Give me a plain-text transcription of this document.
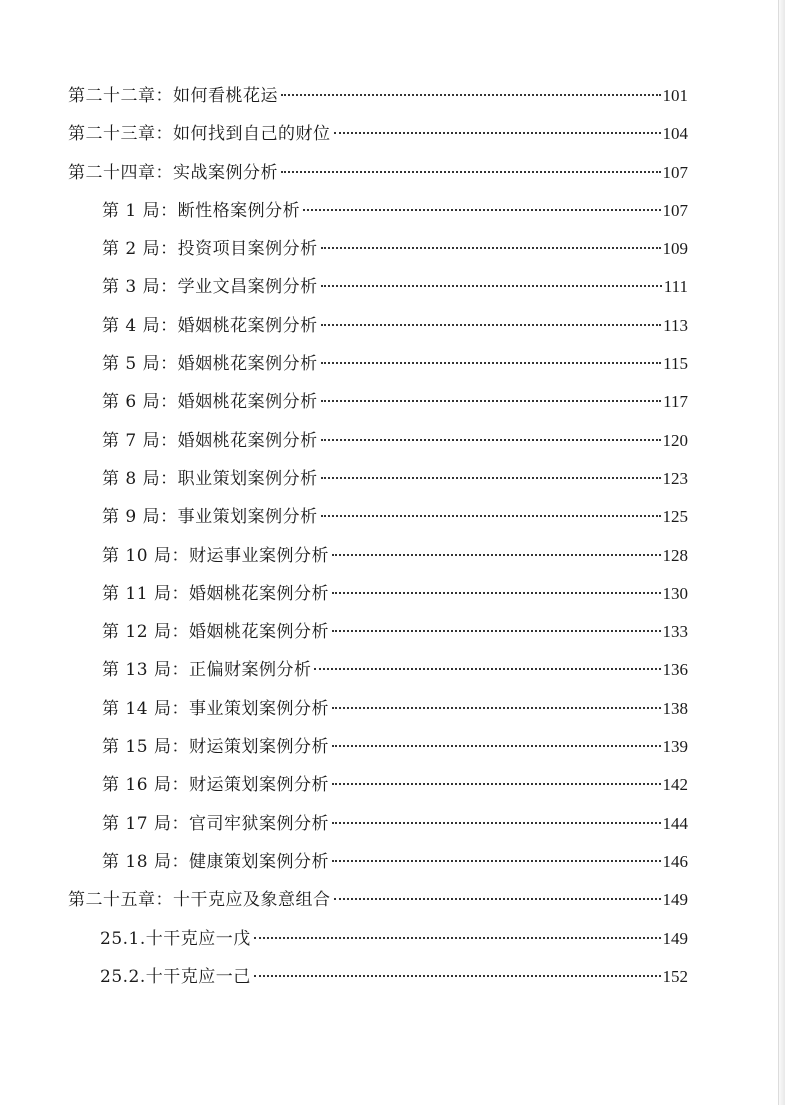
第二十二章：如何看桃花运	101
第二十三章：如何找到自己的财位	104
第二十四章：实战案例分析	107
第 1 局：断性格案例分析	107
第 2 局：投资项目案例分析	109
第 3 局：学业文昌案例分析	111
第 4 局：婚姻桃花案例分析	113
第 5 局：婚姻桃花案例分析	115
第 6 局：婚姻桃花案例分析	117
第 7 局：婚姻桃花案例分析	120
第 8 局：职业策划案例分析	123
第 9 局：事业策划案例分析	125
第 10 局：财运事业案例分析	128
第 11 局：婚姻桃花案例分析	130
第 12 局：婚姻桃花案例分析	133
第 13 局：正偏财案例分析	136
第 14 局：事业策划案例分析	138
第 15 局：财运策划案例分析	139
第 16 局：财运策划案例分析	142
第 17 局：官司牢狱案例分析	144
第 18 局：健康策划案例分析	146
第二十五章：十干克应及象意组合	149
25.1.十干克应一戊	149
25.2.十干克应一己	152
